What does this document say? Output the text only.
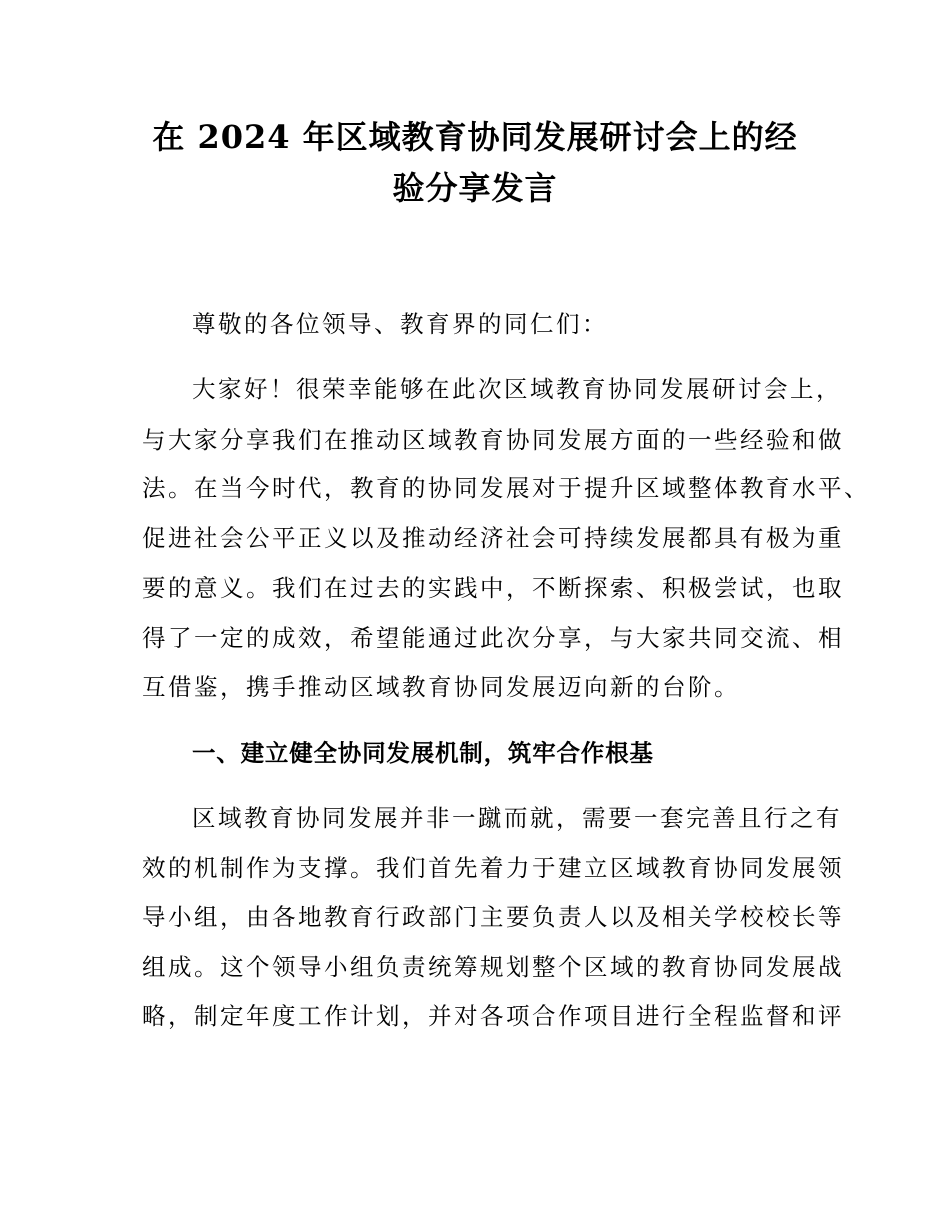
在 2024 年区域教育协同发展研讨会上的经
验分享发言

尊敬的各位领导、教育界的同仁们：

大家好！很荣幸能够在此次区域教育协同发展研讨会上，

与大家分享我们在推动区域教育协同发展方面的一些经验和做

法。在当今时代，教育的协同发展对于提升区域整体教育水平、

促进社会公平正义以及推动经济社会可持续发展都具有极为重

要的意义。我们在过去的实践中，不断探索、积极尝试，也取

得了一定的成效，希望能通过此次分享，与大家共同交流、相

互借鉴，携手推动区域教育协同发展迈向新的台阶。

一、建立健全协同发展机制，筑牢合作根基

区域教育协同发展并非一蹴而就，需要一套完善且行之有

效的机制作为支撑。我们首先着力于建立区域教育协同发展领

导小组，由各地教育行政部门主要负责人以及相关学校校长等

组成。这个领导小组负责统筹规划整个区域的教育协同发展战

略，制定年度工作计划，并对各项合作项目进行全程监督和评
